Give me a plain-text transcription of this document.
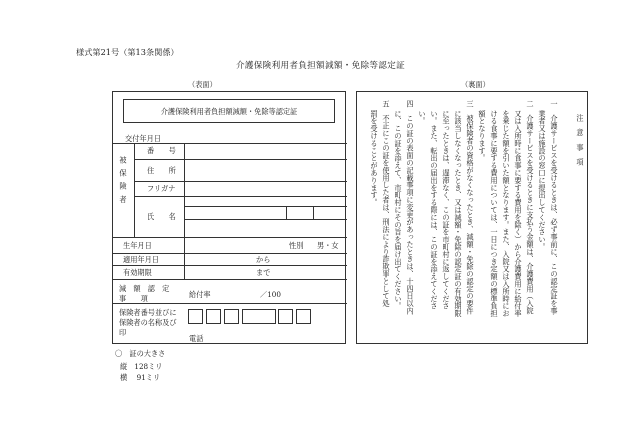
様式第21号（第13条関係）
介護保険利用者負担額減額・免除等認定証
（表面）
介護保険利用者負担額減額・免除等認定証
交付年月日
被保険者
番　　号
住　　所
フリガナ
氏　　名
生年月日	性別 男・女
適用年月日	から
有効期限	まで
減　額　認　定　事　　項	給付率	／100
保険者番号並びに保険者の名称及び印
電話
〇　証の大きさ
縦　128ミリ
横　 91ミリ
（裏面）
注　意　事　項
一　介護サービスを受けるときは、必ず事前に、この認定証を事
業者又は施設の窓口に提出してください。
二　介護サービスを受けるときに支払う金額は、介護費用（入院
又は入所時に食事に要する費用を除く）から介護費用に給付率
を乗じた額を引いた額となります。また、入院又は入所時にお
ける食事に要する費用については、一日につき定額の標準負担
額となります。
三　被保険者の資格がなくなったとき、減額・免除の認定の要件
に該当しなくなったとき、又は減額・免除の認定証の有効期限
に至ったときは、遅滞なく、この証を市町村に返してくださ
い。また、転出の届出をする際には、この証を添えてくださ
い。
四　この証の表面の記載事項に変更があったときは、十四日以内
に、この証を添えて、市町村にその旨を届け出てください。
五　不正にこの証を使用した者は、刑法により詐欺罪として処
罰を受けることがあります。
